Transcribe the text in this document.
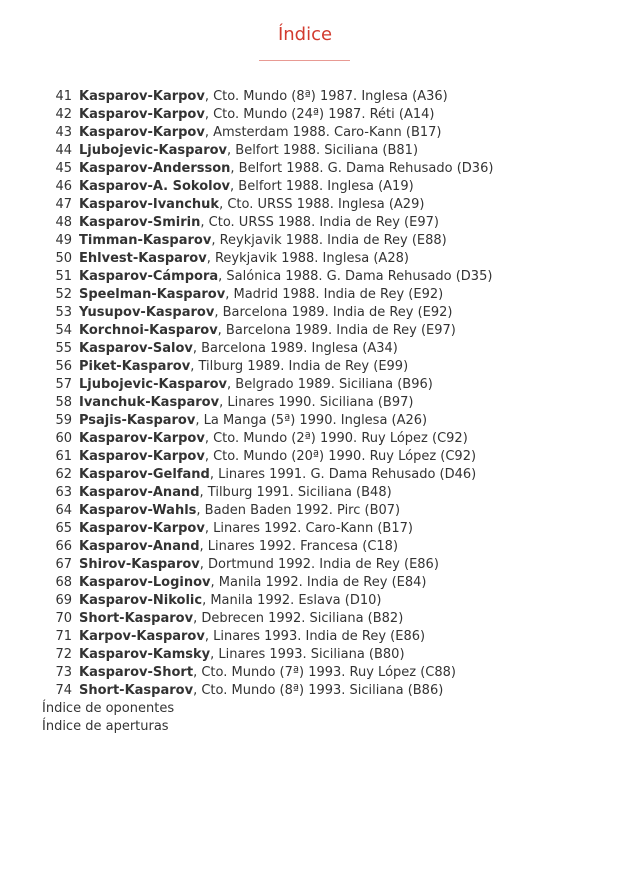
Índice
41 Kasparov-Karpov, Cto. Mundo (8ª) 1987. Inglesa (A36)
42 Kasparov-Karpov, Cto. Mundo (24ª) 1987. Réti (A14)
43 Kasparov-Karpov, Amsterdam 1988. Caro-Kann (B17)
44 Ljubojevic-Kasparov, Belfort 1988. Siciliana (B81)
45 Kasparov-Andersson, Belfort 1988. G. Dama Rehusado (D36)
46 Kasparov-A. Sokolov, Belfort 1988. Inglesa (A19)
47 Kasparov-Ivanchuk, Cto. URSS 1988. Inglesa (A29)
48 Kasparov-Smirin, Cto. URSS 1988. India de Rey (E97)
49 Timman-Kasparov, Reykjavik 1988. India de Rey (E88)
50 Ehlvest-Kasparov, Reykjavik 1988. Inglesa (A28)
51 Kasparov-Cámpora, Salónica 1988. G. Dama Rehusado (D35)
52 Speelman-Kasparov, Madrid 1988. India de Rey (E92)
53 Yusupov-Kasparov, Barcelona 1989. India de Rey (E92)
54 Korchnoi-Kasparov, Barcelona 1989. India de Rey (E97)
55 Kasparov-Salov, Barcelona 1989. Inglesa (A34)
56 Piket-Kasparov, Tilburg 1989. India de Rey (E99)
57 Ljubojevic-Kasparov, Belgrado 1989. Siciliana (B96)
58 Ivanchuk-Kasparov, Linares 1990. Siciliana (B97)
59 Psajis-Kasparov, La Manga (5ª) 1990. Inglesa (A26)
60 Kasparov-Karpov, Cto. Mundo (2ª) 1990. Ruy López (C92)
61 Kasparov-Karpov, Cto. Mundo (20ª) 1990. Ruy López (C92)
62 Kasparov-Gelfand, Linares 1991. G. Dama Rehusado (D46)
63 Kasparov-Anand, Tilburg 1991. Siciliana (B48)
64 Kasparov-Wahls, Baden Baden 1992. Pirc (B07)
65 Kasparov-Karpov, Linares 1992. Caro-Kann (B17)
66 Kasparov-Anand, Linares 1992. Francesa (C18)
67 Shirov-Kasparov, Dortmund 1992. India de Rey (E86)
68 Kasparov-Loginov, Manila 1992. India de Rey (E84)
69 Kasparov-Nikolic, Manila 1992. Eslava (D10)
70 Short-Kasparov, Debrecen 1992. Siciliana (B82)
71 Karpov-Kasparov, Linares 1993. India de Rey (E86)
72 Kasparov-Kamsky, Linares 1993. Siciliana (B80)
73 Kasparov-Short, Cto. Mundo (7ª) 1993. Ruy López (C88)
74 Short-Kasparov, Cto. Mundo (8ª) 1993. Siciliana (B86)
Índice de oponentes
Índice de aperturas
